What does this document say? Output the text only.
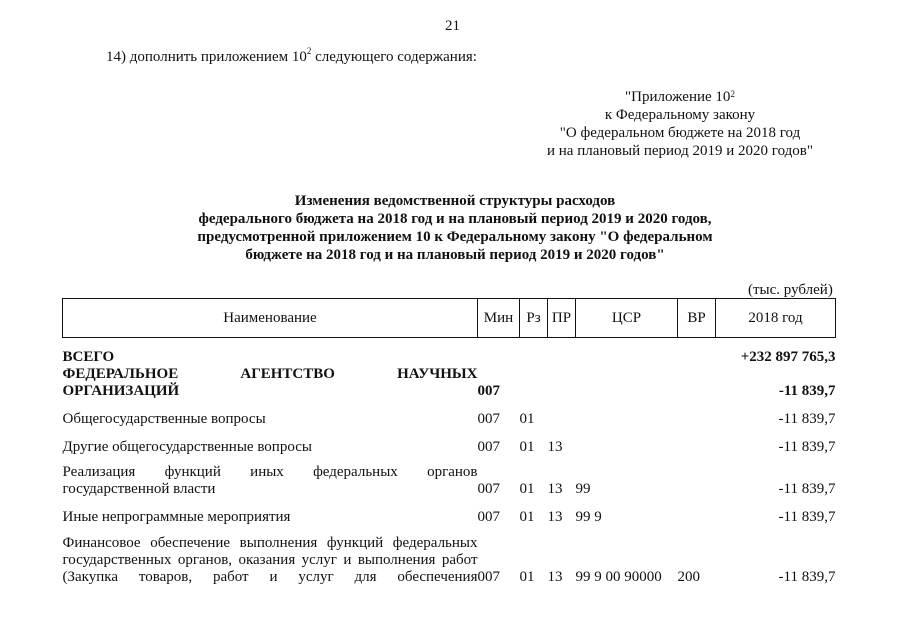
21
14) дополнить приложением $10^2$ следующего содержания:
"Приложение $10^2$
к Федеральному закону
"О федеральном бюджете на 2018 год
и на плановый период 2019 и 2020 годов"
Изменения ведомственной структуры расходов
федерального бюджета на 2018 год и на плановый период 2019 и 2020 годов,
предусмотренной приложением 10 к Федеральному закону "О федеральном
бюджете на 2018 год и на плановый период 2019 и 2020 годов"
(тыс. рублей)
Наименование	Мин	Рз	ПР	ЦСР	ВР	2018 год

ВСЕГО						+232 897 765,3

ФЕДЕРАЛЬНОЕ АГЕНТСТВО НАУЧНЫХ ОРГАНИЗАЦИЙ	007					-11 839,7

Общегосударственные вопросы	007	01				-11 839,7

Другие общегосударственные вопросы	007	01	13			-11 839,7

Реализация функций иных федеральных органов
государственной власти	007	01	13	99		-11 839,7

Иные непрограммные мероприятия	007	01	13	99 9		-11 839,7

Финансовое обеспечение выполнения функций федеральных
государственных органов, оказания услуг и выполнения работ
(Закупка товаров, работ и услуг для обеспечения	007	01	13	99 9 00 90000	200	-11 839,7
